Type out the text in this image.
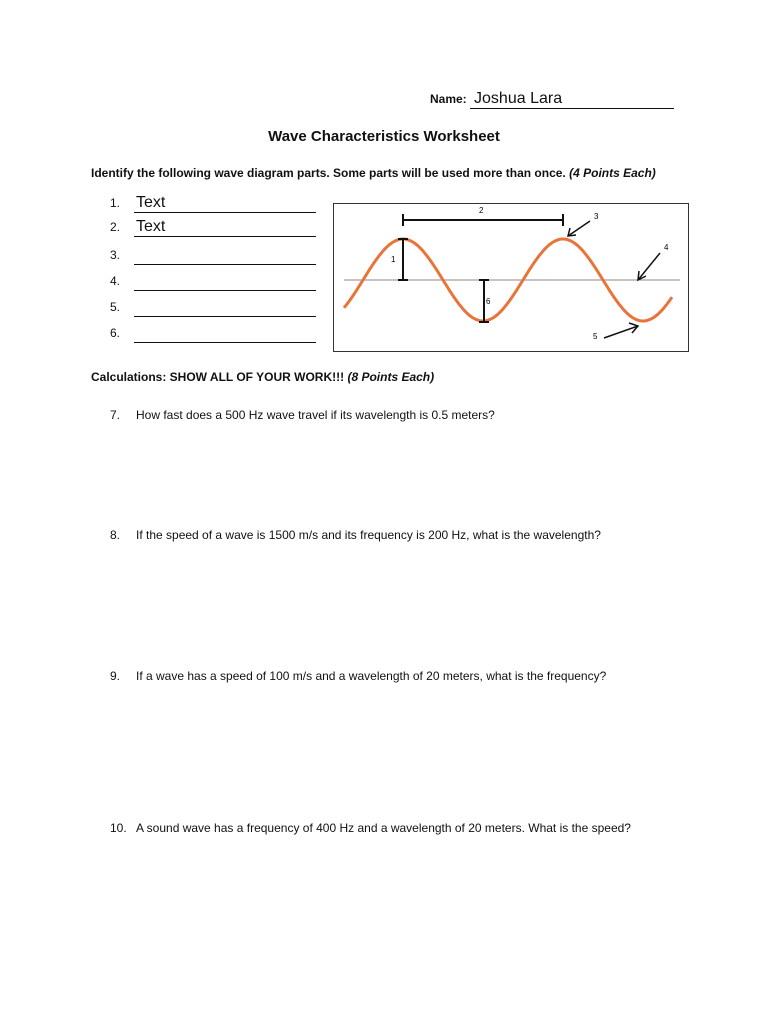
Name: Joshua Lara
Wave Characteristics Worksheet
Identify the following wave diagram parts. Some parts will be used more than once. (4 Points Each)
1. Text
2. Text
3.
4.
5.
6.
1
2
3
4
5
6
Calculations: SHOW ALL OF YOUR WORK!!! (8 Points Each)
7. How fast does a 500 Hz wave travel if its wavelength is 0.5 meters?
8. If the speed of a wave is 1500 m/s and its frequency is 200 Hz, what is the wavelength?
9. If a wave has a speed of 100 m/s and a wavelength of 20 meters, what is the frequency?
10. A sound wave has a frequency of 400 Hz and a wavelength of 20 meters. What is the speed?
